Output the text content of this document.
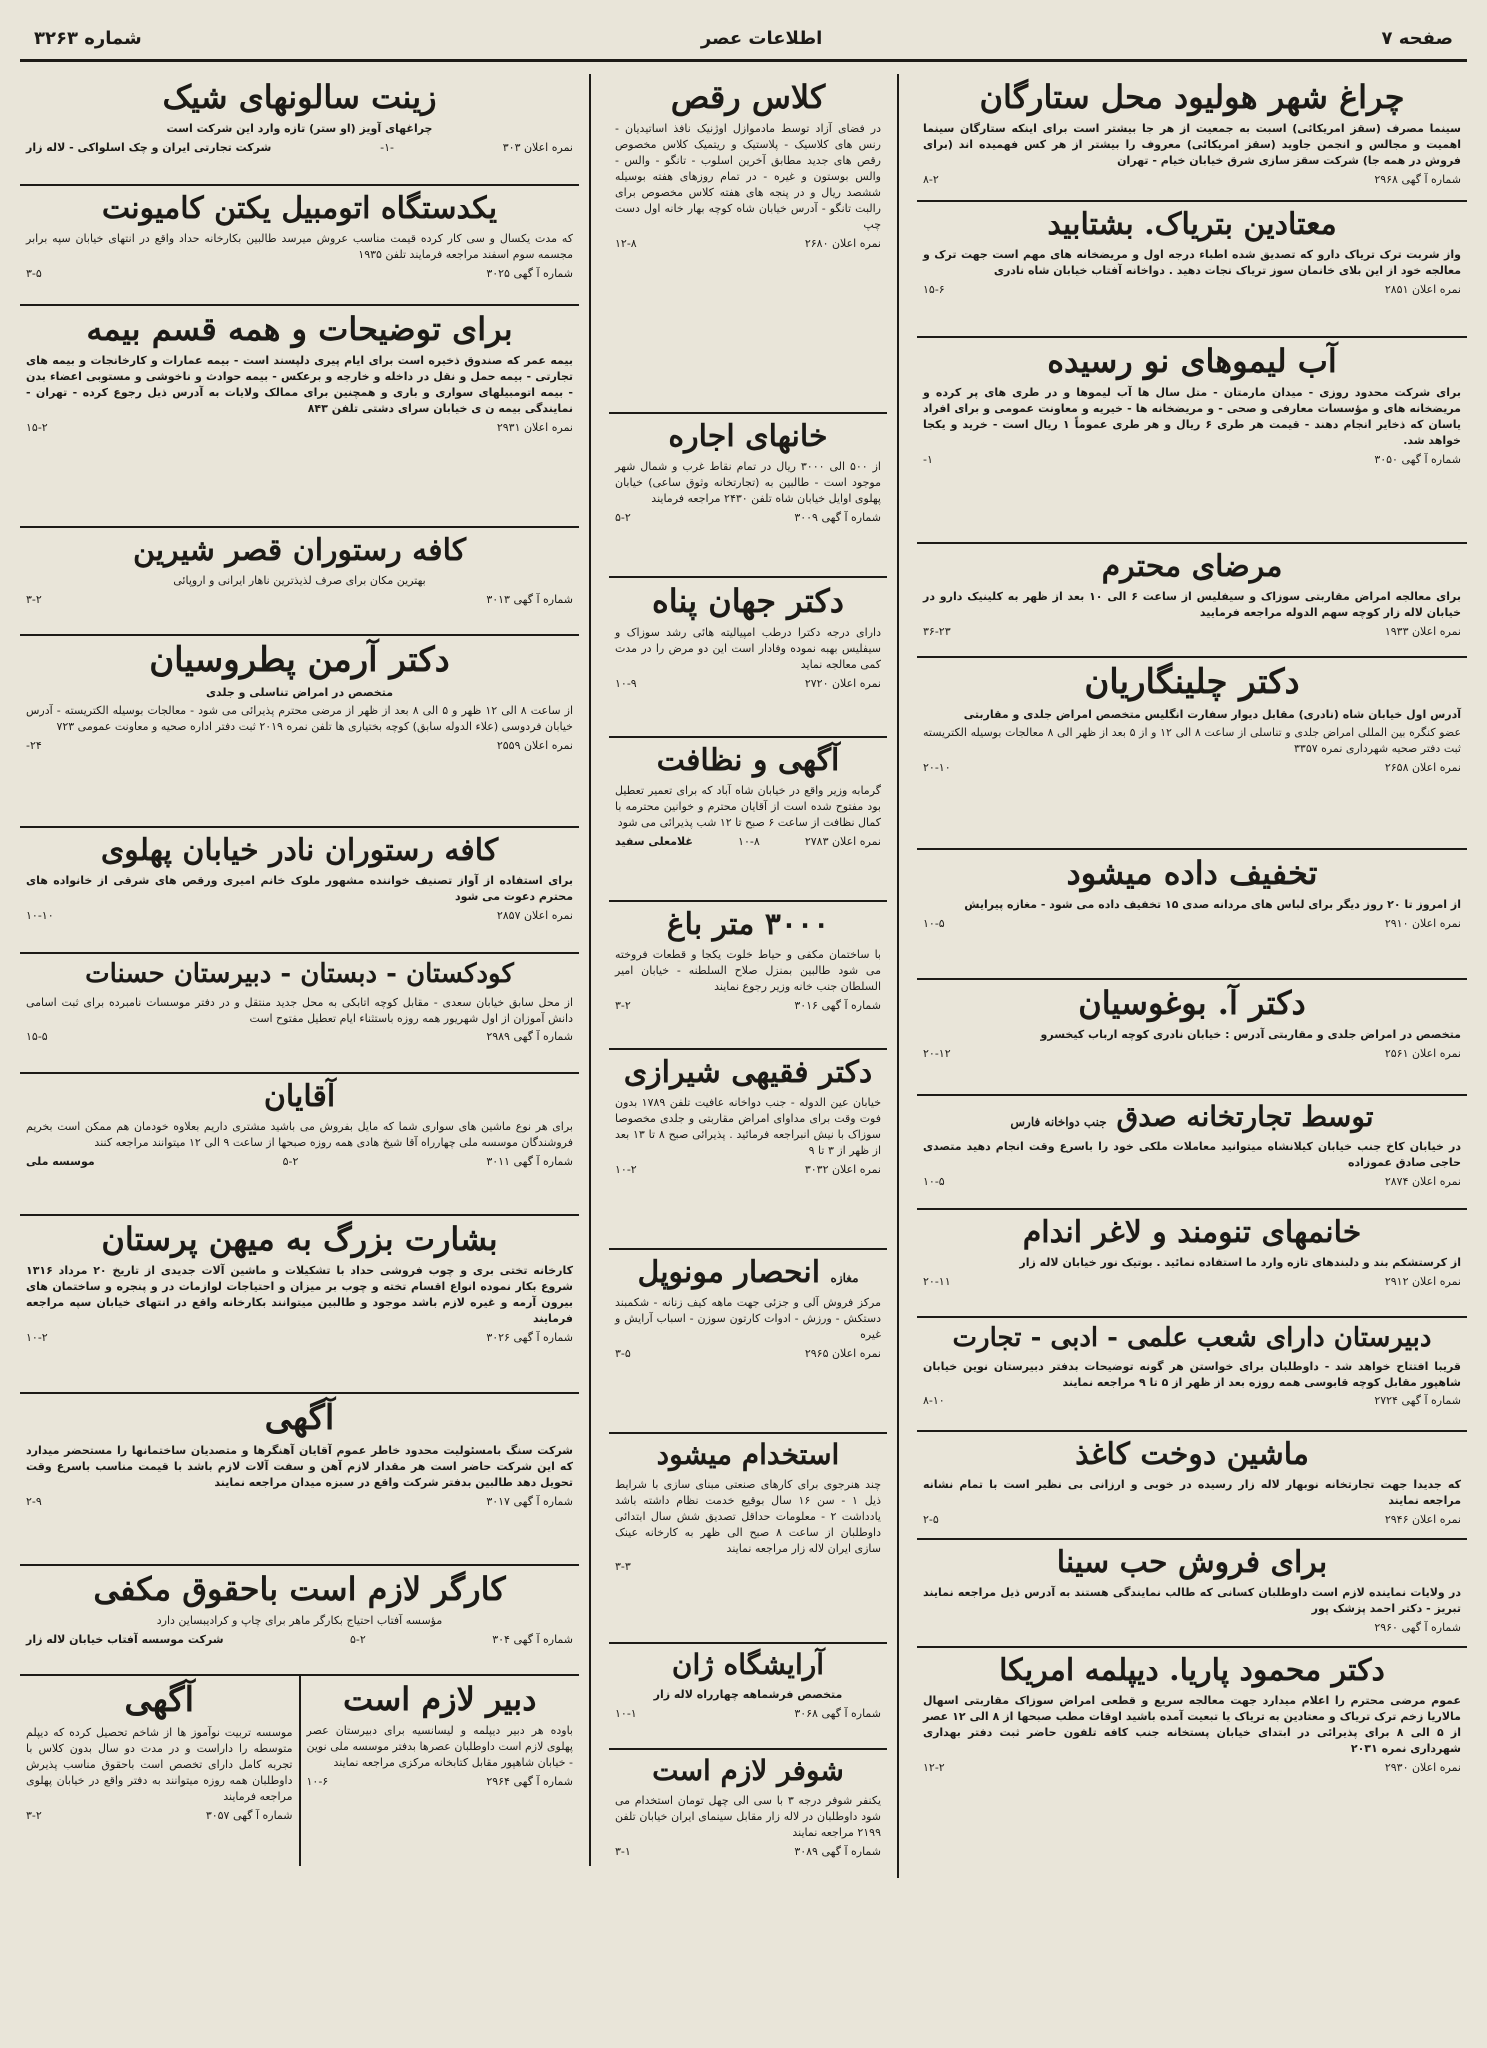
صفحه ۷
اطلاعات عصر
شماره ۳۲۶۳
چراغ شهر هولیود محل ستارگان

سینما مصرف (سقز امریکائی) اسبت به جمعیت از هر جا بیشتر است برای اینکه ستارگان سینما اهمیت و مجالس و انجمن جاوید (سقز امریکائی) معروف را بیشتر از هر کس فهمیده اند (برای فروش در همه جا) شرکت سقز سازی شرق خیابان خیام - تهران

شماره آ گهی ۲۹۶۸
۸-۲
معتادین بتریاک. بشتابید

واز شربت ترک تریاک دارو که تصدیق شده اطباء درجه اول و مریضخانه های مهم است جهت ترک و معالجه خود از این بلای خانمان سوز تریاک نجات دهید . دواخانه آفتاب خیابان شاه نادری

نمره اعلان ۲۸۵۱
۱۵-۶
آب لیموهای نو رسیده

برای شرکت محدود روزی - میدان مارمتان - متل سال ها آب لیموها و در طری های پر کرده و مریضخانه های و مؤسسات معارفی و صحی - و مریضخانه ها - خیریه و معاونت عمومی و برای افراد یاسان که ذخایر انجام دهند - قیمت هر طری ۶ ریال و هر طری عموماً ۱ ریال است - خرید و یکجا خواهد شد.

شماره آ گهی ۳۰۵۰
۱-
مرضای محترم

برای معالجه امراض مقاربتی سوزاک و سیفلیس از ساعت ۶ الی ۱۰ بعد از ظهر به کلینیک دارو در خیابان لاله زار کوچه سهم الدوله مراجعه فرمایید

نمره اعلان ۱۹۳۳
۳۶-۲۳
دکتر چلینگاریان

آدرس اول خیابان شاه (نادری) مقابل دیوار سفارت انگلیس متخصص امراض جلدی و مقاربتی

عضو کنگره بین المللی امراض جلدی و تناسلی از ساعت ۸ الی ۱۲ و از ۵ بعد از ظهر الی ۸ معالجات بوسیله الکتریسته ثبت دفتر صحیه شهرداری نمره ۳۳۵۷

نمره اعلان ۲۶۵۸
۲۰-۱۰
تخفیف داده میشود

از امروز تا ۲۰ روز دیگر برای لباس های مردانه صدی ۱۵ تخفیف داده می شود - مغازه پیرایش

نمره اعلان ۲۹۱۰
۱۰-۵
دکتر آ. بوغوسیان

متخصص در امراض جلدی و مقاربتی آدرس : خیابان نادری کوچه ارباب کیخسرو

نمره اعلان ۲۵۶۱
۲۰-۱۲
توسط تجارتخانه صدق جنب دواخانه فارس

در خیابان کاخ جنب خیابان کیلانشاه میتوانید معاملات ملکی خود را باسرع وقت انجام دهید متصدی حاجی صادق عموزاده

نمره اعلان ۲۸۷۴
۱۰-۵
خانمهای تنومند و لاغر اندام

از کرستشکم بند و دلبندهای تازه وارد ما استفاده نمائید . بوتیک نور خیابان لاله زار

نمره اعلان ۲۹۱۲
۲۰-۱۱
دبیرستان دارای شعب علمی - ادبی - تجارت

قریبا افتتاح خواهد شد - داوطلبان برای خواستن هر گونه توضیحات بدفتر دبیرستان نوین خیابان شاهپور مقابل کوچه قابوسی همه روزه بعد از ظهر از ۵ تا ۹ مراجعه نمایند

شماره آ گهی ۲۷۲۴
۸-۱۰
ماشین دوخت کاغذ

که جدیدا جهت تجارتخانه نوبهار لاله زار رسیده در خوبی و ارزانی بی نظیر است با تمام نشانه مراجعه نمایند

نمره اعلان ۲۹۴۶
۲-۵
برای فروش حب سینا

در ولایات نماینده لازم است داوطلبان کسانی که طالب نمایندگی هستند به آدرس ذیل مراجعه نمایند تبریز - دکتر احمد پزشک پور

شماره آ گهی ۲۹۶۰
دکتر محمود پاریا. دیپلمه امریکا

عموم مرضی محترم را اعلام میدارد جهت معالجه سریع و قطعی امراض سوزاک مقاربتی اسهال مالاریا زخم ترک تریاک و معتادین به تریاک یا تبعیت آمده باشید اوقات مطب صبحها از ۸ الی ۱۲ عصر از ۵ الی ۸ برای پذیرائی در ابتدای خیابان پستخانه جنب کافه تلفون حاضر ثبت دفتر بهداری شهرداری نمره ۲۰۳۱

نمره اعلان ۲۹۳۰
۱۲-۲
کلاس رقص

در فضای آزاد توسط مادموازل اوژنیک نافذ اساتیدیان - رنس های کلاسیک - پلاستیک و ریتمیک کلاس مخصوص رقص های جدید مطابق آخرین اسلوب - تانگو - والس - والس بوستون و غیره - در تمام روزهای هفته بوسیله ششصد ریال و در پنجه های هفته کلاس مخصوص برای رالبت تانگو - آدرس خیابان شاه کوچه بهار خانه اول دست چپ

نمره اعلان ۲۶۸۰
۱۲-۸
خانهای اجاره

از ۵۰۰ الی ۳۰۰۰ ریال در تمام نقاط غرب و شمال شهر موجود است - طالبین به (تجارتخانه وثوق ساعی) خیابان پهلوی اوایل خیابان شاه تلفن ۲۴۳۰ مراجعه فرمایند

شماره آ گهی ۳۰۰۹
۵-۲
دکتر جهان پناه

دارای درجه دکترا درطب امپیالیته هائی رشد سوزاک و سیفلیس بهبه نموده وفادار است این دو مرض را در مدت کمی معالجه نماید

نمره اعلان ۲۷۲۰
۱۰-۹
آگهی و نظافت

گرمابه وزیر واقع در خیابان شاه آباد که برای تعمیر تعطیل بود مفتوح شده است از آقایان محترم و خوانین محترمه با کمال نظافت از ساعت ۶ صبح تا ۱۲ شب پذیرائی می شود

نمره اعلان ۲۷۸۳
۱۰-۸
غلامعلی سفید
۳۰۰۰ متر باغ

با ساختمان مکفی و حیاط خلوت یکجا و قطعات فروخته می شود طالبین بمنزل صلاح السلطنه - خیابان امیر السلطان جنب خانه وزیر رجوع نمایند

شماره آ گهی ۳۰۱۶
۳-۲
دکتر فقیهی شیرازی

خیابان عین الدوله - جنب دواخانه عافیت تلفن ۱۷۸۹ بدون فوت وقت برای مداوای امراض مقاربتی و جلدی مخصوصا سوزاک با نیش انبراجعه فرمائید . پذیرائی صبح ۸ تا ۱۳ بعد از ظهر از ۳ تا ۹

نمره اعلان ۳۰۳۲
۱۰-۲
مغازه انحصار مونوپل

مرکز فروش آلی و جزئی جهت ماهه کیف زنانه - شکمبند دستکش - ورزش - ادوات کارتون سوزن - اسباب آرایش و غیره

نمره اعلان ۲۹۶۵
۳-۵
استخدام میشود

چند هنرجوی برای کارهای صنعتی مبنای سازی با شرایط ذیل ۱ - سن ۱۶ سال بوقیع خدمت نظام داشته باشد یادداشت ۲ - معلومات حداقل تصدیق شش سال ابتدائی داوطلبان از ساعت ۸ صبح الی ظهر به کارخانه عینک سازی ایران لاله زار مراجعه نمایند

۳-۳
آرایشگاه ژان

متخصص فرشماهه چهارراه لاله زار

شماره آ گهی ۳۰۶۸
۱۰-۱
شوفر لازم است

یکنفر شوفر درجه ۳ با سی الی چهل تومان استخدام می شود داوطلبان در لاله زار مقابل سینمای ایران خیابان تلفن ۲۱۹۹ مراجعه نمایند

شماره آ گهی ۳۰۸۹
۳-۱
زینت سالونهای شیک

چراغهای آویز (او ستر) تازه وارد این شرکت است

نمره اعلان ۳۰۳
-۱-
شرکت تجارتی ایران و چک اسلواکی - لاله زار
یکدستگاه اتومبیل یکتن کامیونت

که مدت یکسال و سی کار کرده قیمت مناسب عروش میرسد طالبین بکارخانه حداد واقع در انتهای خیابان سپه برابر مجسمه سوم اسفند مراجعه فرمایند تلفن ۱۹۳۵

شماره آ گهی ۳۰۲۵
۳-۵
برای توضیحات و همه قسم بیمه

بیمه عمر که صندوق ذخیره است برای ایام پیری دلپسند است - بیمه عمارات و کارخانجات و بیمه های تجارتی - بیمه حمل و نقل در داخله و خارجه و برعکس - بیمه حوادث و ناخوشی و مستوبی اعضاء بدن - بیمه اتومبیلهای سواری و باری و همچنین برای ممالک ولایات به آدرس ذیل رجوع کرده - تهران - نمایندگی بیمه ن ی خیابان سرای دشتی تلفن ۸۴۳

نمره اعلان ۲۹۳۱
۱۵-۲
کافه رستوران قصر شیرین

بهترین مکان برای صرف لذیذترین ناهار ایرانی و اروپائی

شماره آ گهی ۳۰۱۳
۳-۲
دکتر آرمن پطروسیان

متخصص در امراض تناسلی و جلدی

از ساعت ۸ الی ۱۲ ظهر و ۵ الی ۸ بعد از ظهر از مرضی محترم پذیرائی می شود - معالجات بوسیله الکتریسته - آدرس خیابان فردوسی (علاء الدوله سابق) کوچه بختیاری ها تلفن نمره ۲۰۱۹ ثبت دفتر اداره صحیه و معاونت عمومی ۷۲۳

نمره اعلان ۲۵۵۹
۲۴-
کافه رستوران نادر خیابان پهلوی

برای استفاده از آواز تصنیف خواننده مشهور ملوک خانم امیری ورقص های شرقی از خانواده های محترم دعوت می شود

نمره اعلان ۲۸۵۷
۱۰-۱۰
کودکستان - دبستان - دبیرستان حسنات

از محل سابق خیابان سعدی - مقابل کوچه اتابکی به محل جدید منتقل و در دفتر موسسات نامبرده برای ثبت اسامی دانش آموزان از اول شهریور همه روزه باستثناء ایام تعطیل مفتوح است

شماره آ گهی ۲۹۸۹
۱۵-۵
آقایان

برای هر نوع ماشین های سواری شما که مایل بفروش می باشید مشتری داریم بعلاوه خودمان هم ممکن است بخریم فروشندگان موسسه ملی چهارراه آقا شیخ هادی همه روزه صبحها از ساعت ۹ الی ۱۲ میتوانند مراجعه کنند

شماره آ گهی ۳۰۱۱
۵-۲
موسسه ملی
بشارت بزرگ به میهن پرستان

کارخانه تختی بری و چوب فروشی حداد با تشکیلات و ماشین آلات جدیدی از تاریخ ۲۰ مرداد ۱۳۱۶ شروع بکار نموده انواع اقسام تخته و چوب بر میزان و احتیاجات لوازمات در و پنجره و ساختمان های بیرون آرمه و غیره لازم باشد موجود و طالبین میتوانند بکارخانه واقع در انتهای خیابان سپه مراجعه فرمایند

شماره آ گهی ۳۰۲۶
۱۰-۲
آگهی

شرکت سنگ بامسئولیت محدود خاطر عموم آقایان آهنگرها و متصدیان ساختمانها را مستحضر میدارد که این شرکت حاضر است هر مقدار لازم آهن و سفت آلات لازم باشد با قیمت مناسب باسرع وقت تحویل دهد طالبین بدفتر شرکت واقع در سبزه میدان مراجعه نمایند

شماره آ گهی ۳۰۱۷
۲-۹
کارگر لازم است باحقوق مکفی

مؤسسه آفتاب احتیاج بکارگر ماهر برای چاپ و کرادیبساین دارد

شماره آ گهی ۳۰۴
۵-۲
شرکت موسسه آفتاب خیابان لاله زار
دبیر لازم است

باوده هر دبیر دیپلمه و لیسانسیه برای دبیرستان عصر پهلوی لازم است داوطلبان عصرها بدفتر موسسه ملی نوین - خیابان شاهپور مقابل کتابخانه مرکزی مراجعه نمایند

شماره آ گهی ۲۹۶۴
۱۰-۶
آگهی

موسسه تربیت نوآموز ها از شاخم تحصیل کرده که دیپلم متوسطه را داراست و در مدت دو سال بدون کلاس با تجربه کامل دارای تخصص است باحقوق مناسب پذیرش داوطلبان همه روزه میتوانند به دفتر واقع در خیابان پهلوی مراجعه فرمایند

شماره آ گهی ۳۰۵۷
۳-۲
